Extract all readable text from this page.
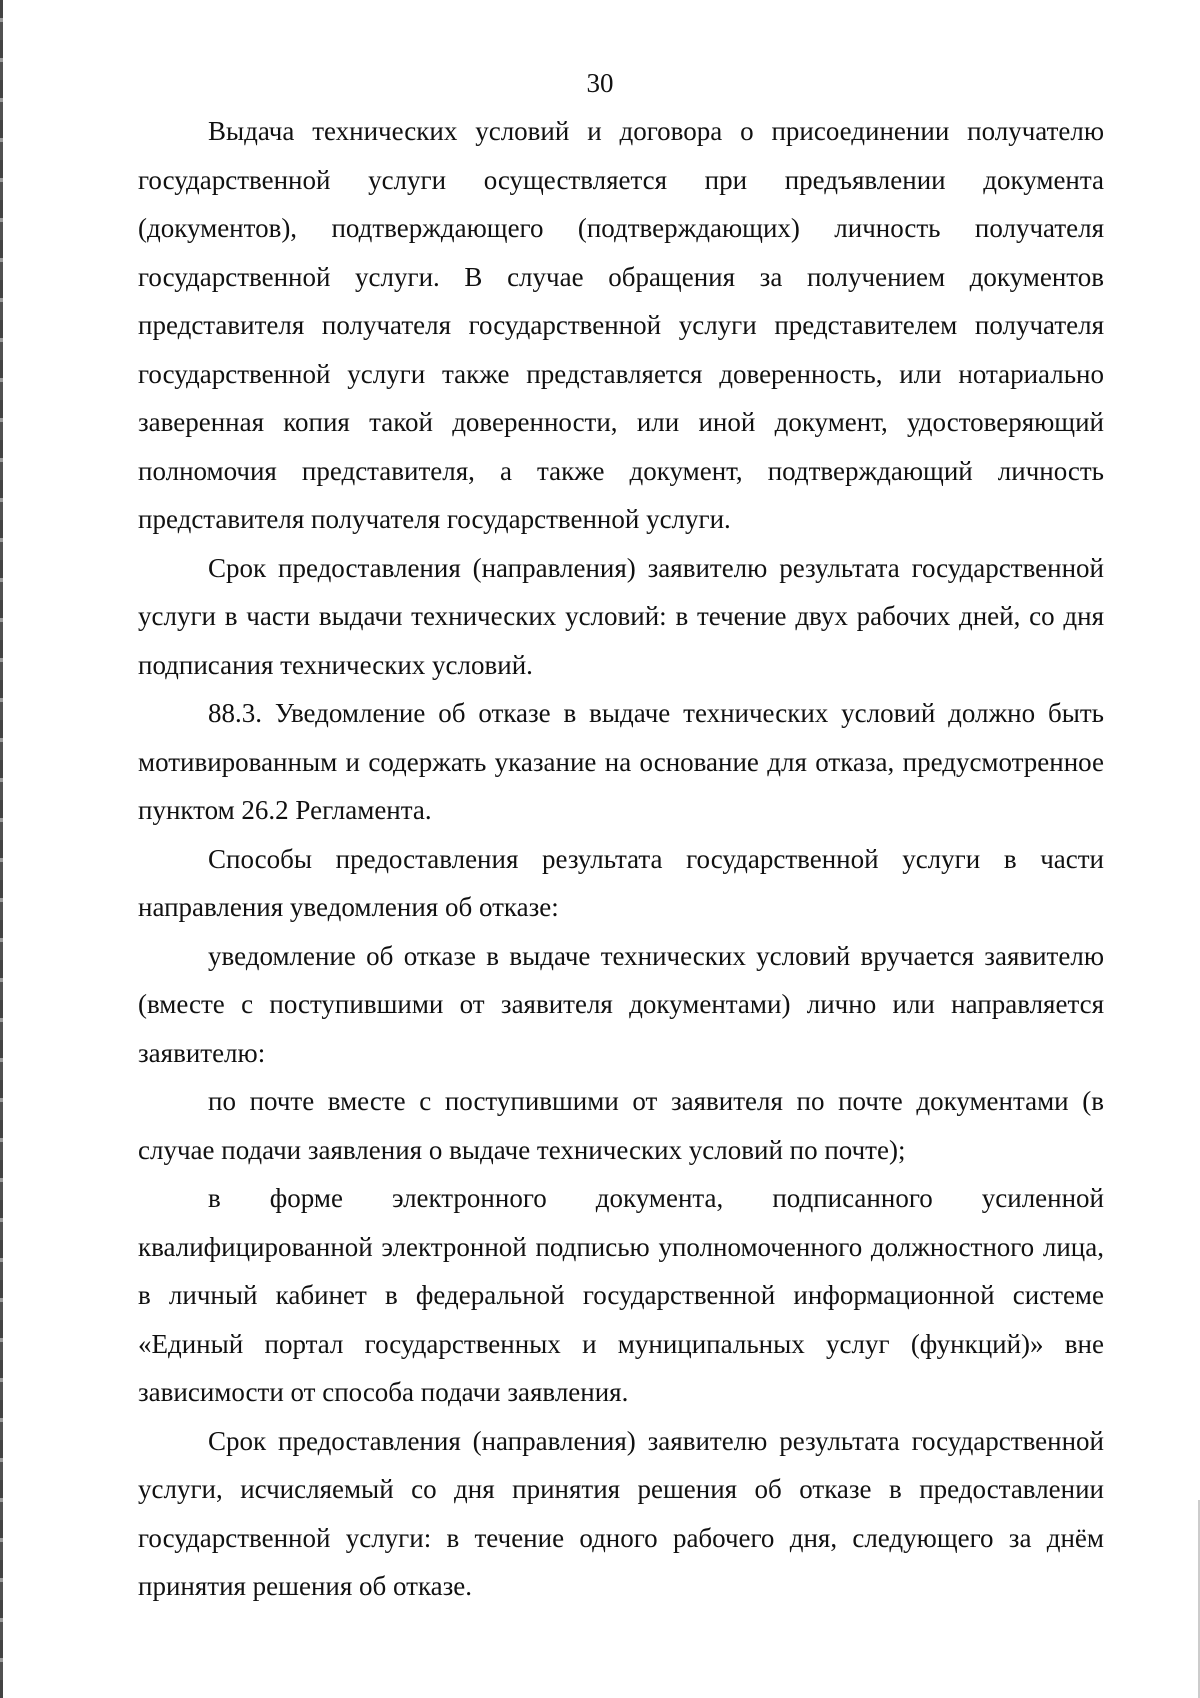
30

Выдача технических условий и договора о присоединении получателю государственной услуги осуществляется при предъявлении документа (документов), подтверждающего (подтверждающих) личность получателя государственной услуги. В случае обращения за получением документов представителя получателя государственной услуги представителем получателя государственной услуги также представляется доверенность, или нотариально заверенная копия такой доверенности, или иной документ, удостоверяющий полномочия представителя, а также документ, подтверждающий личность представителя получателя государственной услуги.

Срок предоставления (направления) заявителю результата государственной услуги в части выдачи технических условий: в течение двух рабочих дней, со дня подписания технических условий.

88.3. Уведомление об отказе в выдаче технических условий должно быть мотивированным и содержать указание на основание для отказа, предусмотренное пунктом 26.2 Регламента.

Способы предоставления результата государственной услуги в части направления уведомления об отказе:

уведомление об отказе в выдаче технических условий вручается заявителю (вместе с поступившими от заявителя документами) лично или направляется заявителю:

по почте вместе с поступившими от заявителя по почте документами (в случае подачи заявления о выдаче технических условий по почте);

в форме электронного документа, подписанного усиленной квалифицированной электронной подписью уполномоченного должностного лица, в личный кабинет в федеральной государственной информационной системе «Единый портал государственных и муниципальных услуг (функций)» вне зависимости от способа подачи заявления.

Срок предоставления (направления) заявителю результата государственной услуги, исчисляемый со дня принятия решения об отказе в предоставлении государственной услуги: в течение одного рабочего дня, следующего за днём принятия решения об отказе.
